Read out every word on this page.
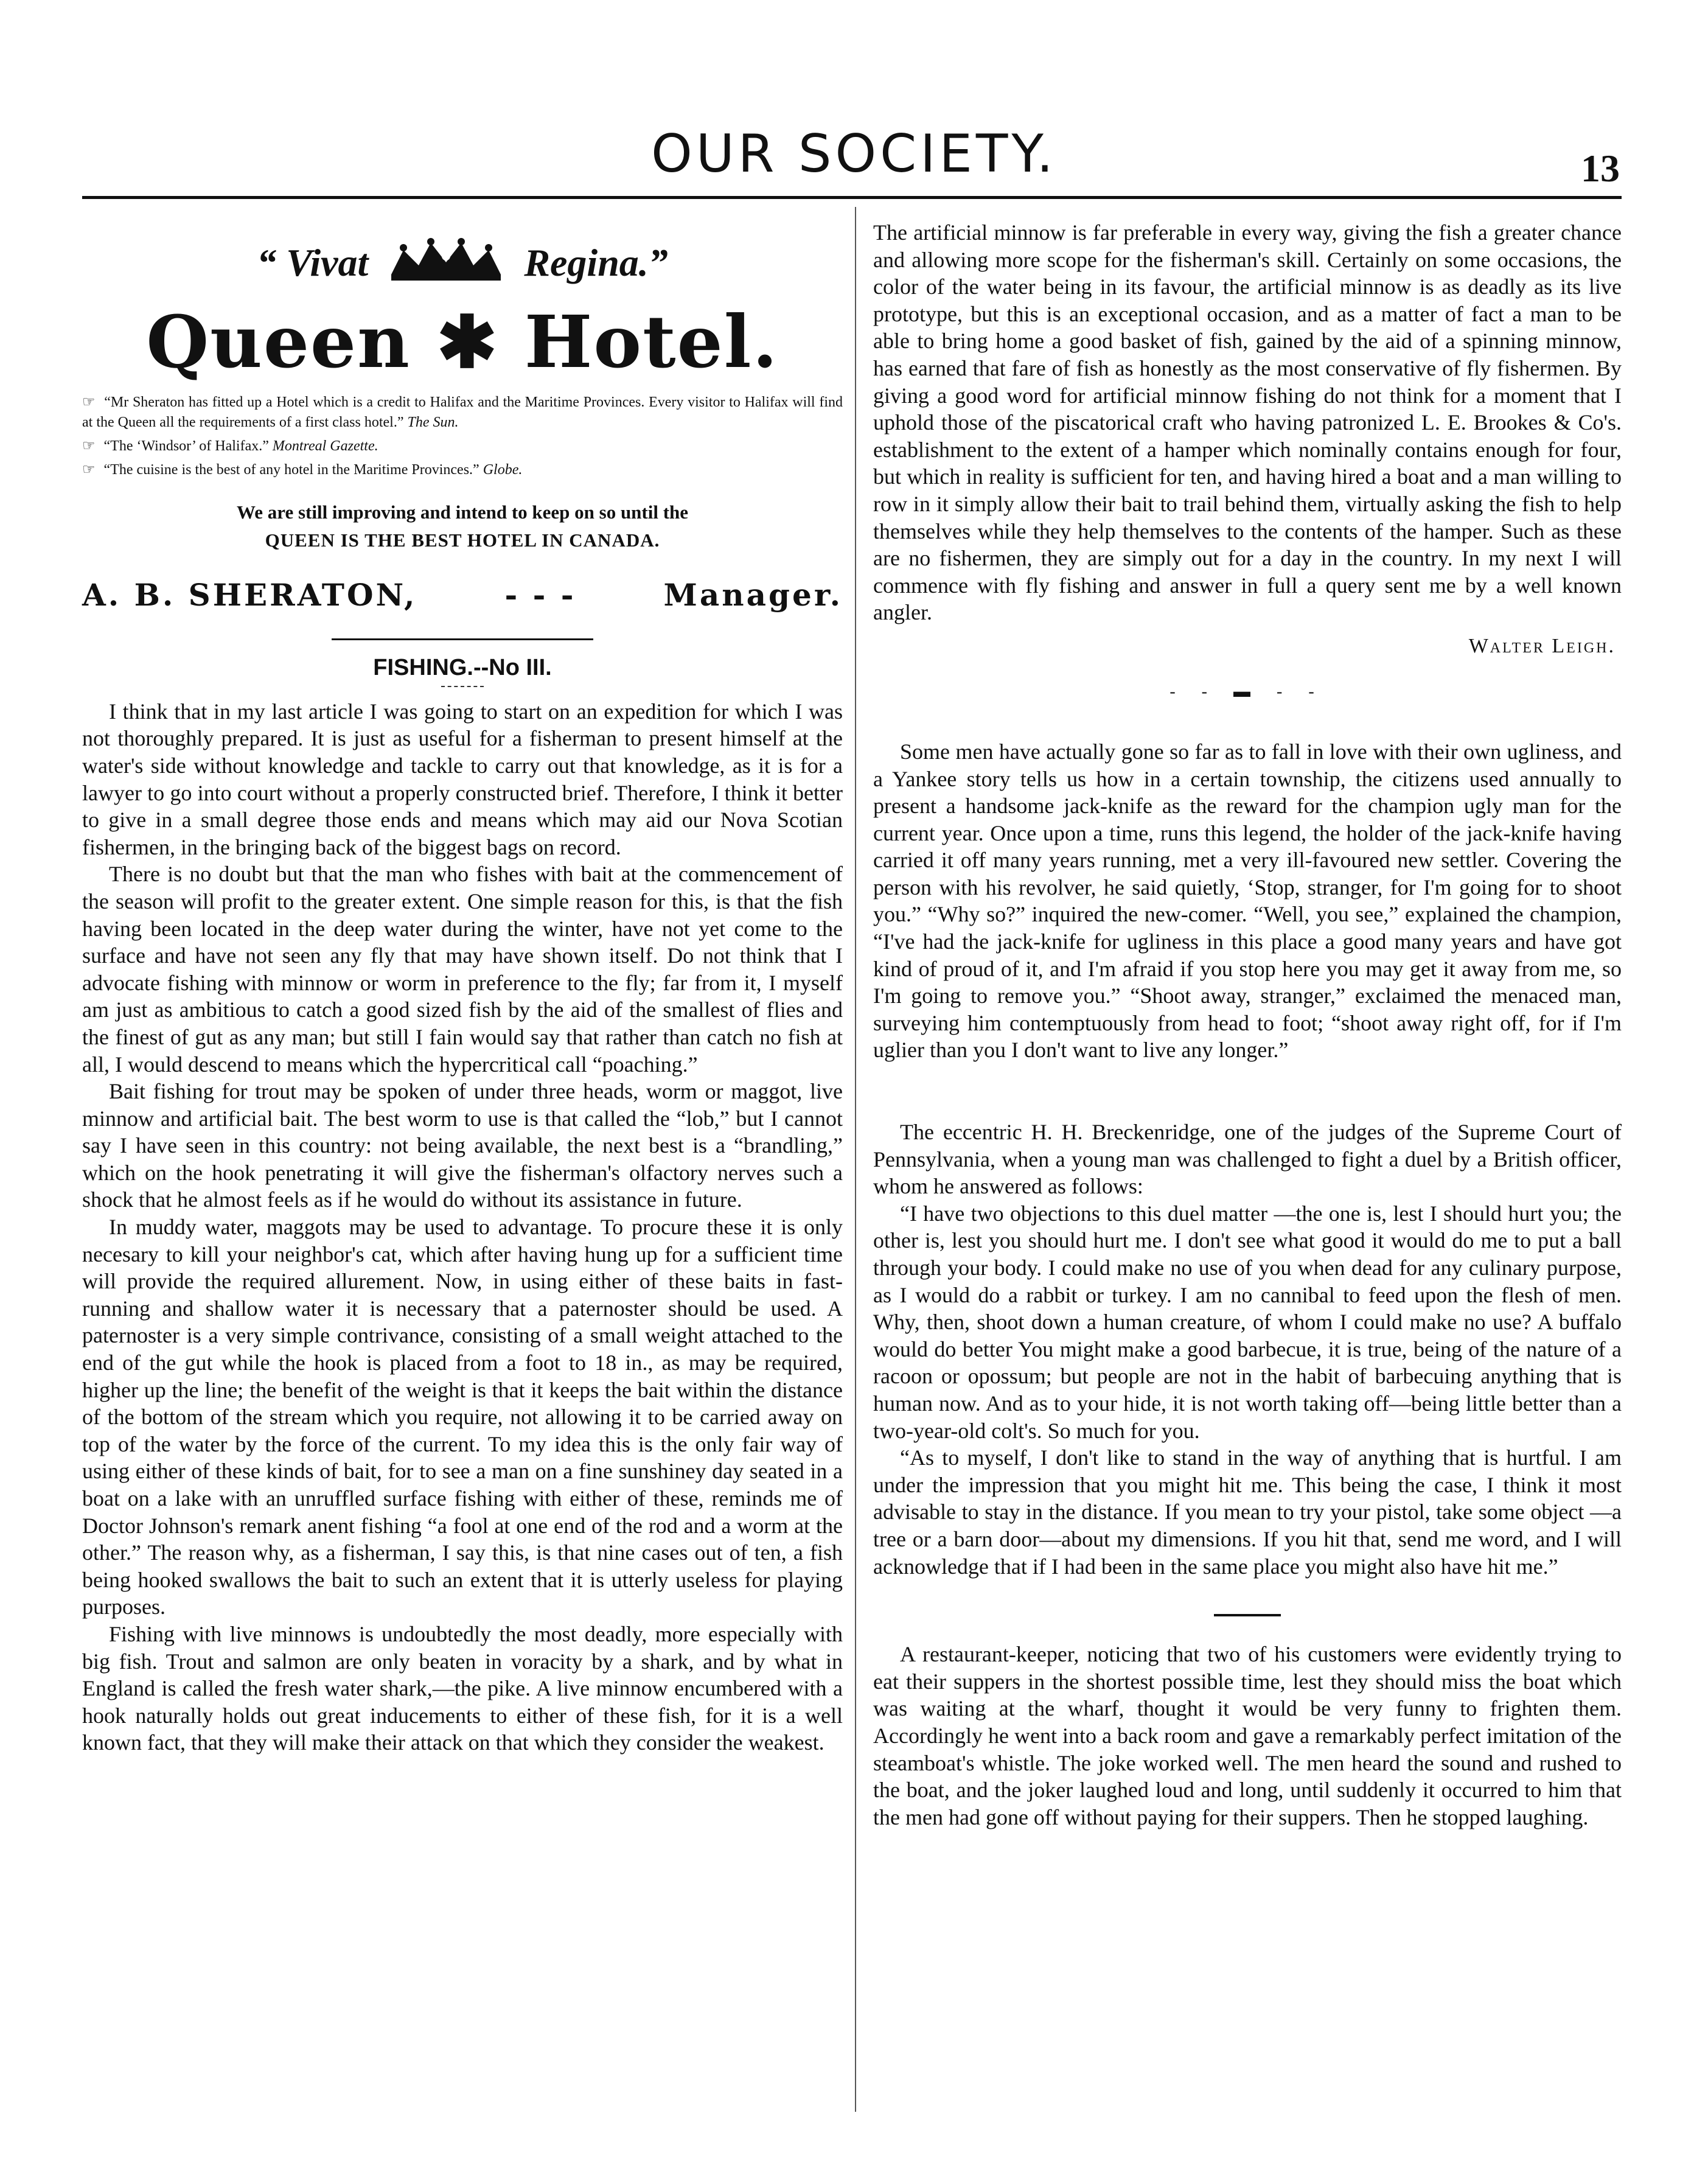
OUR SOCIETY.	13
“ Vivat	Regina.”
Queen ✱ Hotel.
☞ “Mr Sheraton has fitted up a Hotel which is a credit to Halifax and the Maritime Provinces. Every visitor to Halifax will find at the Queen all the requirements of a first class hotel.” The Sun.
☞ “The ‘Windsor’ of Halifax.” Montreal Gazette.
☞ “The cuisine is the best of any hotel in the Maritime Provinces.” Globe.
We are still improving and intend to keep on so until the
QUEEN IS THE BEST HOTEL IN CANADA.
A. B. SHERATON,	- - -	Manager.
FISHING.--No III.

I think that in my last article I was going to start on an expedition for which I was not thoroughly prepared. It is just as useful for a fisherman to present himself at the water's side without knowledge and tackle to carry out that knowledge, as it is for a lawyer to go into court without a properly constructed brief. Therefore, I think it better to give in a small degree those ends and means which may aid our Nova Scotian fishermen, in the bringing back of the biggest bags on record.

There is no doubt but that the man who fishes with bait at the commencement of the season will profit to the greater extent. One simple reason for this, is that the fish having been located in the deep water during the winter, have not yet come to the surface and have not seen any fly that may have shown itself. Do not think that I advocate fishing with minnow or worm in preference to the fly; far from it, I myself am just as ambitious to catch a good sized fish by the aid of the smallest of flies and the finest of gut as any man; but still I fain would say that rather than catch no fish at all, I would descend to means which the hypercritical call “poaching.”

Bait fishing for trout may be spoken of under three heads, worm or maggot, live minnow and artificial bait. The best worm to use is that called the “lob,” but I cannot say I have seen in this country: not being available, the next best is a “brandling,” which on the hook penetrating it will give the fisherman's olfactory nerves such a shock that he almost feels as if he would do without its assistance in future.

In muddy water, maggots may be used to advantage. To procure these it is only necesary to kill your neighbor's cat, which after having hung up for a sufficient time will provide the required allurement. Now, in using either of these baits in fast-running and shallow water it is necessary that a paternoster should be used. A paternoster is a very simple contrivance, consisting of a small weight attached to the end of the gut while the hook is placed from a foot to 18 in., as may be required, higher up the line; the benefit of the weight is that it keeps the bait within the distance of the bottom of the stream which you require, not allowing it to be carried away on top of the water by the force of the current. To my idea this is the only fair way of using either of these kinds of bait, for to see a man on a fine sunshiney day seated in a boat on a lake with an unruffled surface fishing with either of these, reminds me of Doctor Johnson's remark anent fishing “a fool at one end of the rod and a worm at the other.” The reason why, as a fisherman, I say this, is that nine cases out of ten, a fish being hooked swallows the bait to such an extent that it is utterly useless for playing purposes.

Fishing with live minnows is undoubtedly the most deadly, more especially with big fish. Trout and salmon are only beaten in voracity by a shark, and by what in England is called the fresh water shark,—the pike. A live minnow encumbered with a hook naturally holds out great inducements to either of these fish, for it is a well known fact, that they will make their attack on that which they consider the weakest.

The artificial minnow is far preferable in every way, giving the fish a greater chance and allowing more scope for the fisherman's skill. Certainly on some occasions, the color of the water being in its favour, the artificial minnow is as deadly as its live prototype, but this is an exceptional occasion, and as a matter of fact a man to be able to bring home a good basket of fish, gained by the aid of a spinning minnow, has earned that fare of fish as honestly as the most conservative of fly fishermen. By giving a good word for artificial minnow fishing do not think for a moment that I uphold those of the piscatorical craft who having patronized L. E. Brookes & Co's. establishment to the extent of a hamper which nominally contains enough for four, but which in reality is sufficient for ten, and having hired a boat and a man willing to row in it simply allow their bait to trail behind them, virtually asking the fish to help themselves while they help themselves to the contents of the hamper. Such as these are no fishermen, they are simply out for a day in the country. In my next I will commence with fly fishing and answer in full a query sent me by a well known angler.

Walter Leigh.
- - ▬ - -

Some men have actually gone so far as to fall in love with their own ugliness, and a Yankee story tells us how in a certain township, the citizens used annually to present a handsome jack-knife as the reward for the champion ugly man for the current year. Once upon a time, runs this legend, the holder of the jack-knife having carried it off many years running, met a very ill-favoured new settler. Covering the person with his revolver, he said quietly, ‘Stop, stranger, for I'm going for to shoot you.” “Why so?” inquired the new-comer. “Well, you see,” explained the champion, “I've had the jack-knife for ugliness in this place a good many years and have got kind of proud of it, and I'm afraid if you stop here you may get it away from me, so I'm going to remove you.” “Shoot away, stranger,” exclaimed the menaced man, surveying him contemptuously from head to foot; “shoot away right off, for if I'm uglier than you I don't want to live any longer.”

The eccentric H. H. Breckenridge, one of the judges of the Supreme Court of Pennsylvania, when a young man was challenged to fight a duel by a British officer, whom he answered as follows:

“I have two objections to this duel matter —the one is, lest I should hurt you; the other is, lest you should hurt me. I don't see what good it would do me to put a ball through your body. I could make no use of you when dead for any culinary purpose, as I would do a rabbit or turkey. I am no cannibal to feed upon the flesh of men. Why, then, shoot down a human creature, of whom I could make no use? A buffalo would do better You might make a good barbecue, it is true, being of the nature of a racoon or opossum; but people are not in the habit of barbecuing anything that is human now. And as to your hide, it is not worth taking off—being little better than a two-year-old colt's. So much for you.

“As to myself, I don't like to stand in the way of anything that is hurtful. I am under the impression that you might hit me. This being the case, I think it most advisable to stay in the distance. If you mean to try your pistol, take some object —a tree or a barn door—about my dimensions. If you hit that, send me word, and I will acknowledge that if I had been in the same place you might also have hit me.”

A restaurant-keeper, noticing that two of his customers were evidently trying to eat their suppers in the shortest possible time, lest they should miss the boat which was waiting at the wharf, thought it would be very funny to frighten them. Accordingly he went into a back room and gave a remarkably perfect imitation of the steamboat's whistle. The joke worked well. The men heard the sound and rushed to the boat, and the joker laughed loud and long, until suddenly it occurred to him that the men had gone off without paying for their suppers. Then he stopped laughing.
